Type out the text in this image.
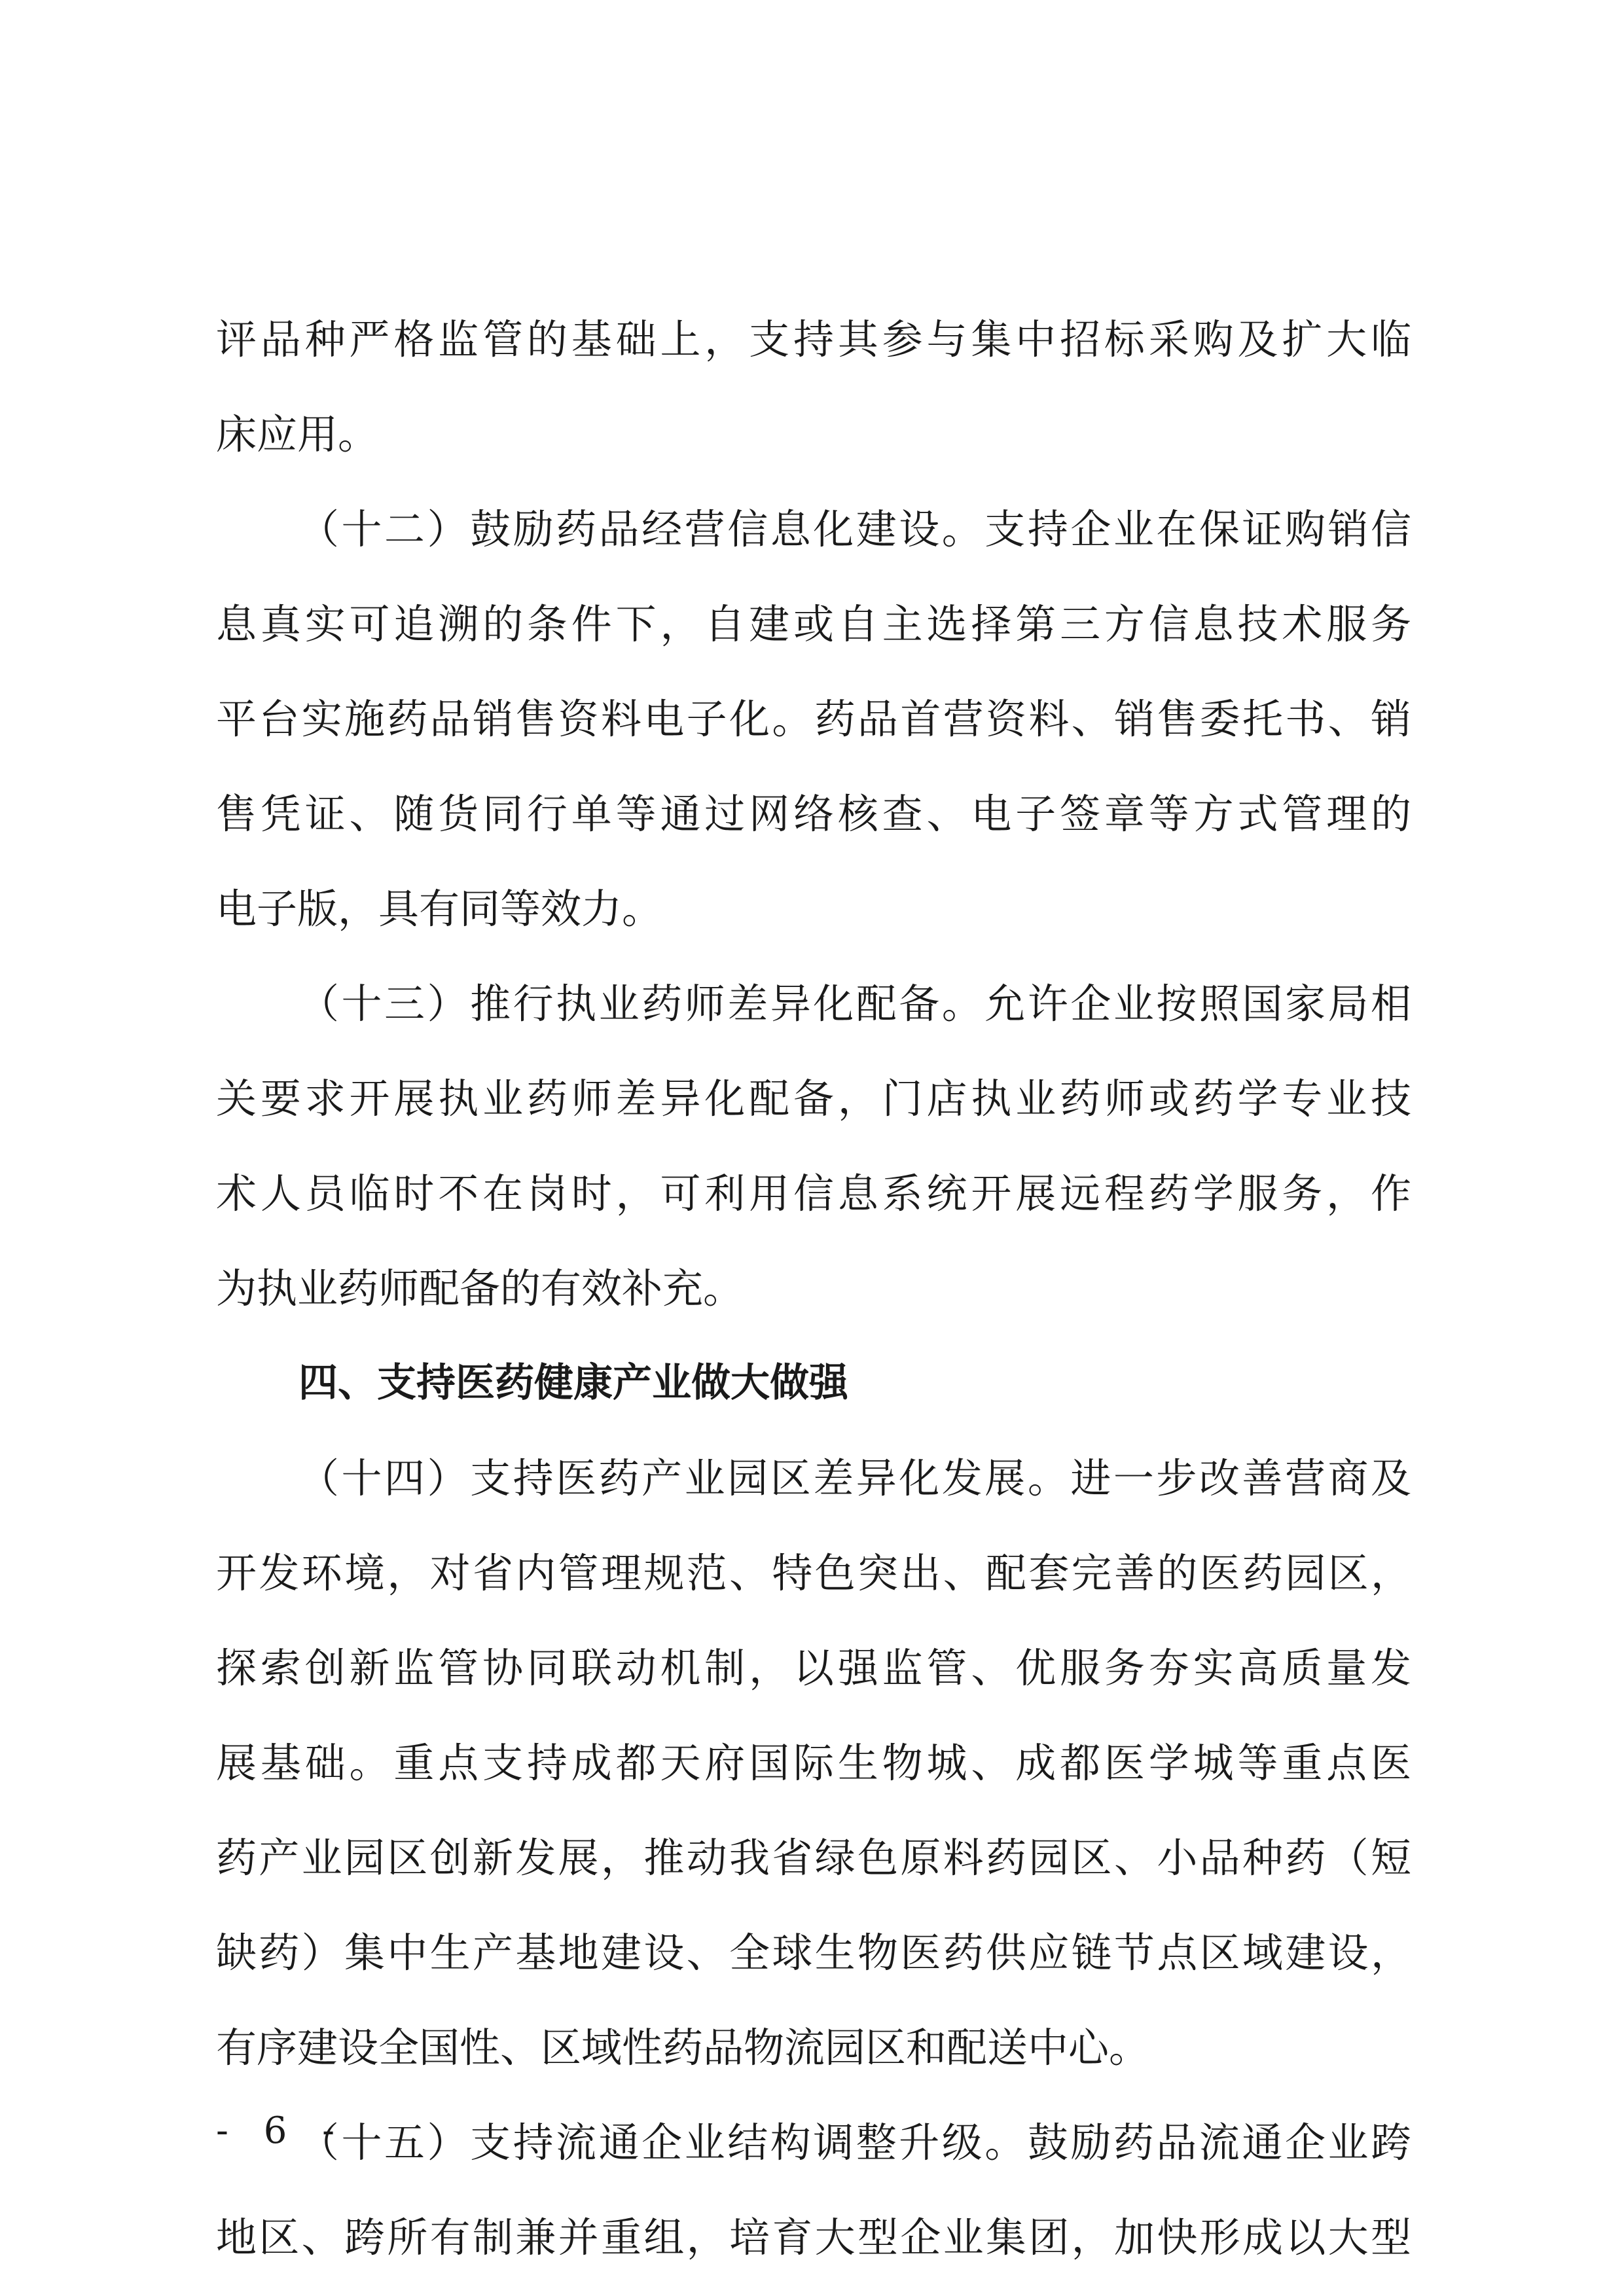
评品种严格监管的基础上，支持其参与集中招标采购及扩大临
床应用。
（十二）鼓励药品经营信息化建设。支持企业在保证购销信
息真实可追溯的条件下，自建或自主选择第三方信息技术服务
平台实施药品销售资料电子化。药品首营资料、销售委托书、销
售凭证、随货同行单等通过网络核查、电子签章等方式管理的
电子版，具有同等效力。
（十三）推行执业药师差异化配备。允许企业按照国家局相
关要求开展执业药师差异化配备，门店执业药师或药学专业技
术人员临时不在岗时，可利用信息系统开展远程药学服务，作
为执业药师配备的有效补充。
四、支持医药健康产业做大做强
（十四）支持医药产业园区差异化发展。进一步改善营商及
开发环境，对省内管理规范、特色突出、配套完善的医药园区，
探索创新监管协同联动机制，以强监管、优服务夯实高质量发
展基础。重点支持成都天府国际生物城、成都医学城等重点医
药产业园区创新发展，推动我省绿色原料药园区、小品种药（短
缺药）集中生产基地建设、全球生物医药供应链节点区域建设，
有序建设全国性、区域性药品物流园区和配送中心。
（十五）支持流通企业结构调整升级。鼓励药品流通企业跨
地区、跨所有制兼并重组，培育大型企业集团，加快形成以大型
- 6 -
